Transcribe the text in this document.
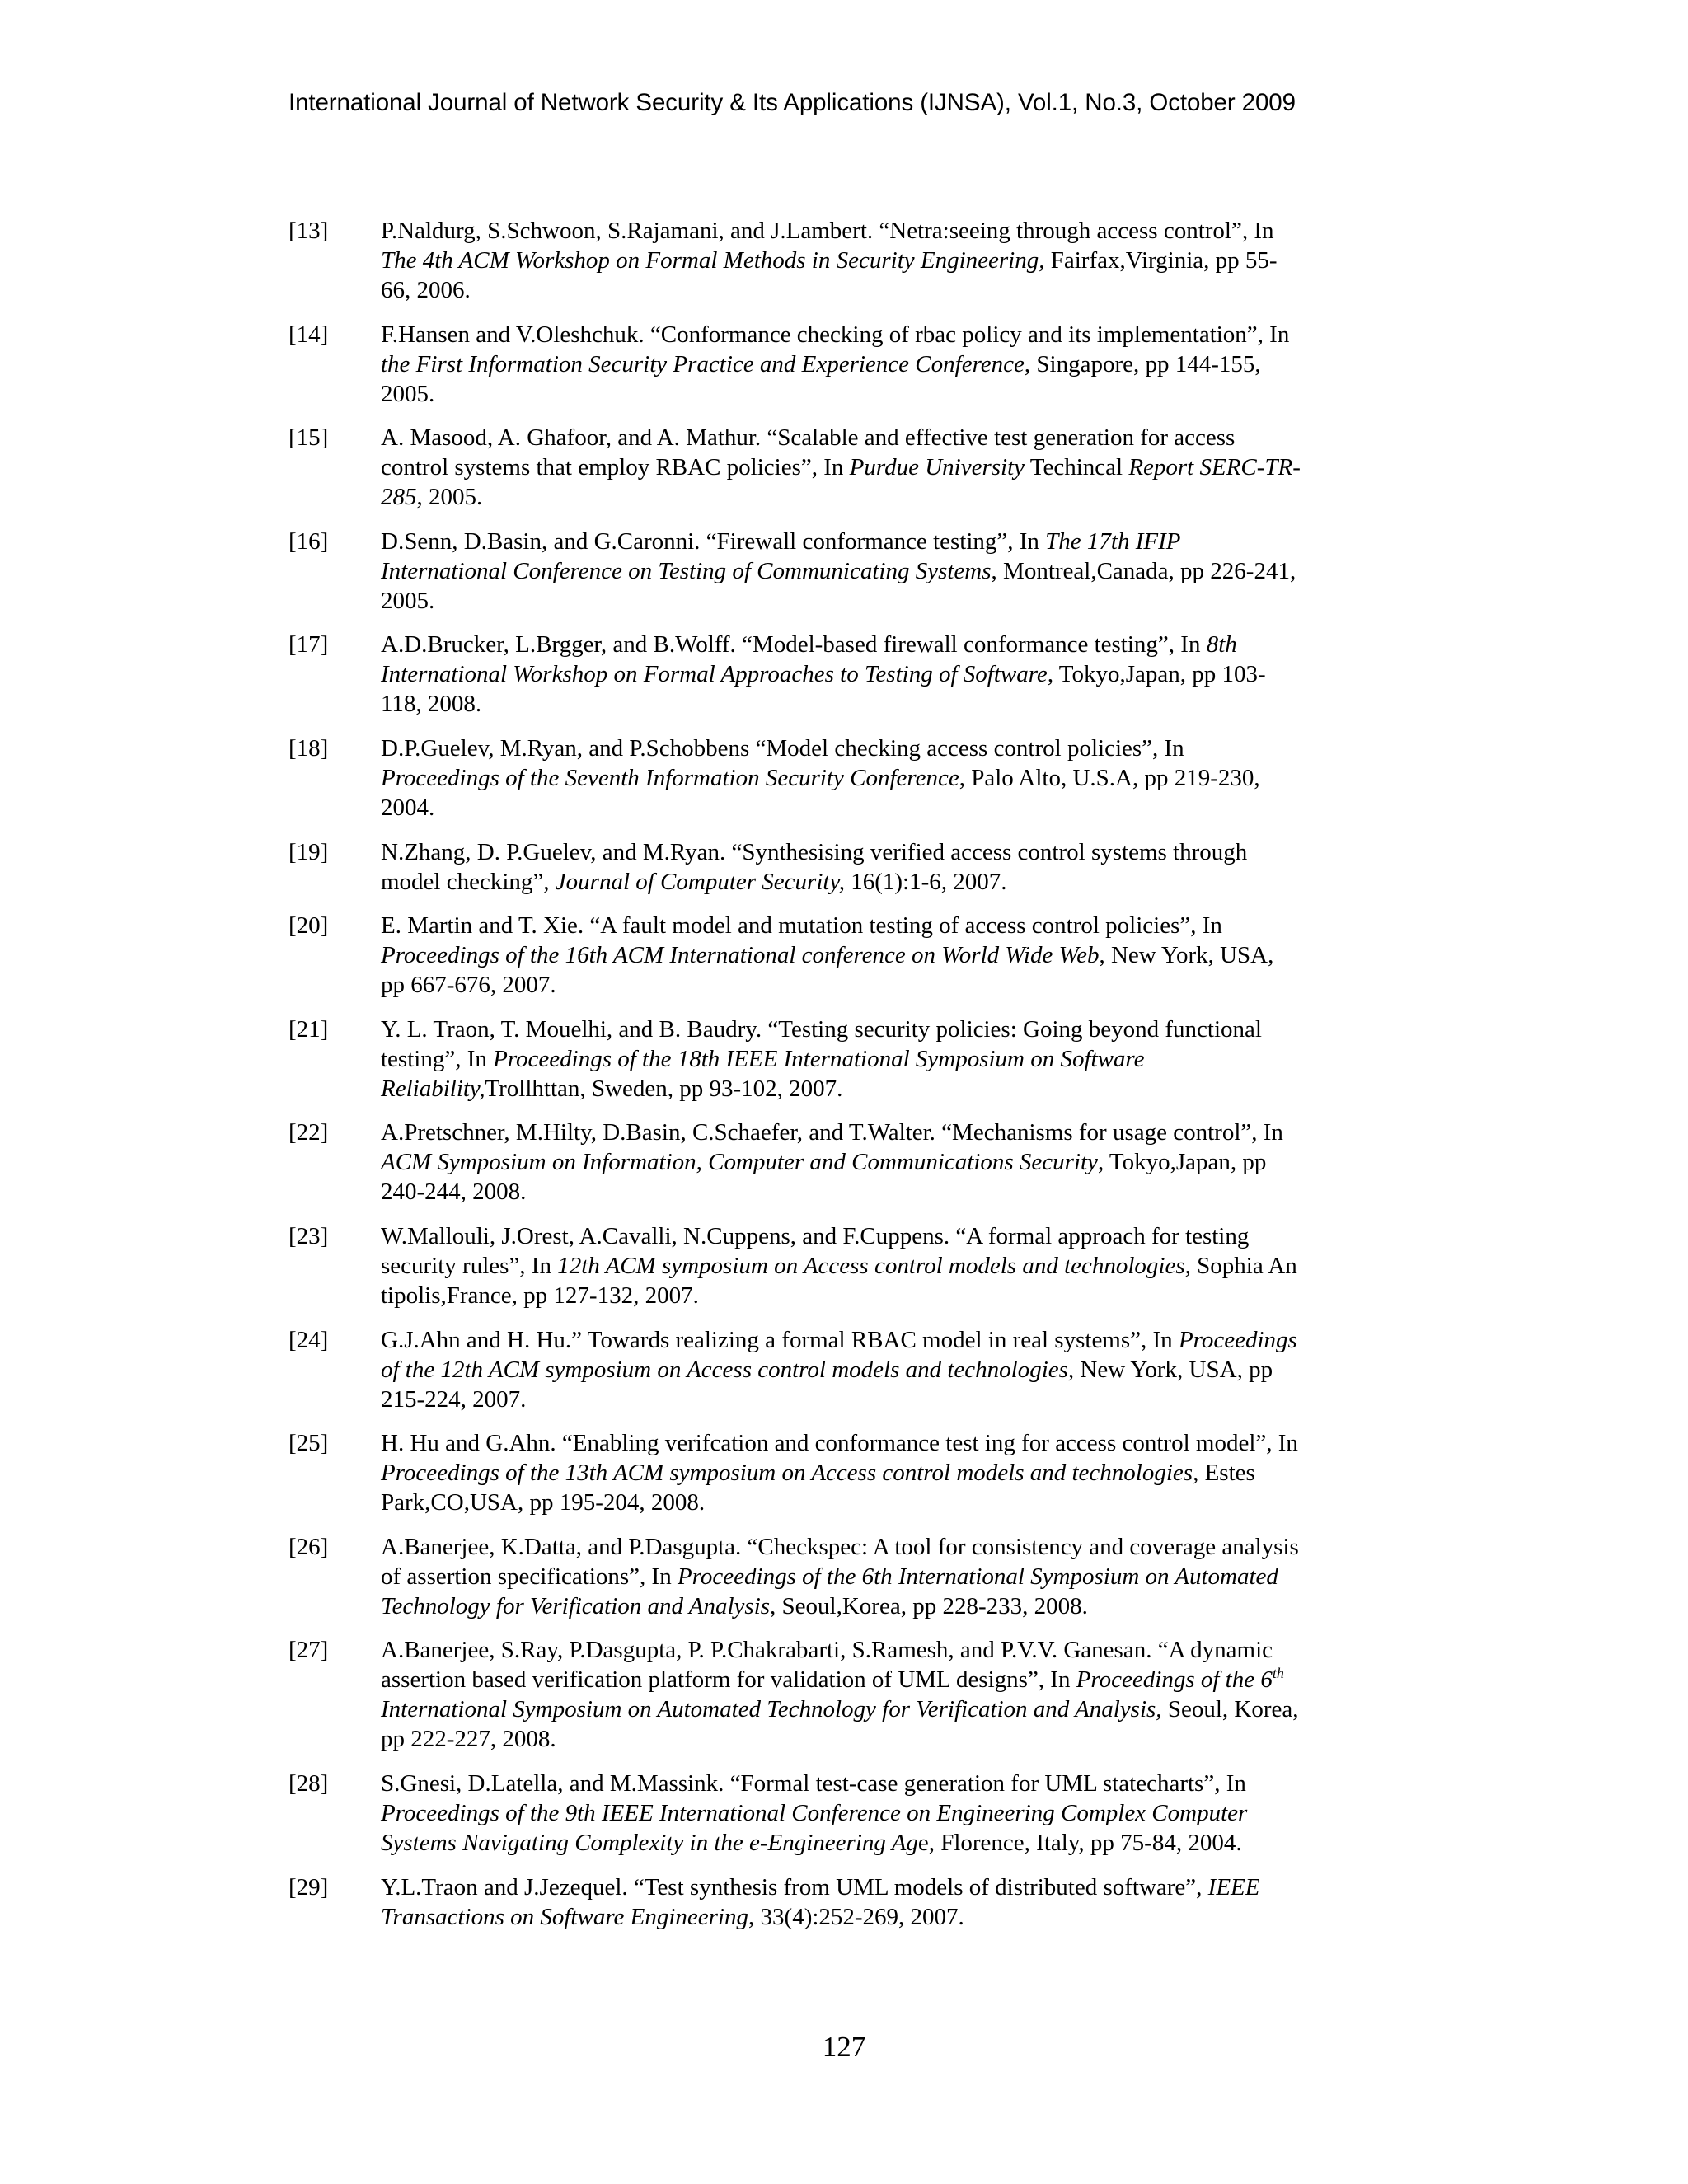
International Journal of Network Security & Its Applications (IJNSA), Vol.1, No.3, October 2009
[13]	P.Naldurg, S.Schwoon, S.Rajamani, and J.Lambert. “Netra:seeing through access control”, In
The 4th ACM Workshop on Formal Methods in Security Engineering, Fairfax,Virginia, pp 55-
66, 2006.
[14]	F.Hansen and V.Oleshchuk. “Conformance checking of rbac policy and its implementation”, In
the First Information Security Practice and Experience Conference, Singapore, pp 144-155,
2005.
[15]	A. Masood, A. Ghafoor, and A. Mathur. “Scalable and effective test generation for access
control systems that employ RBAC policies”, In Purdue University Techincal Report SERC-TR-
285, 2005.
[16]	D.Senn, D.Basin, and G.Caronni. “Firewall conformance testing”, In The 17th IFIP
International Conference on Testing of Communicating Systems, Montreal,Canada, pp 226-241,
2005.
[17]	A.D.Brucker, L.Brgger, and B.Wolff. “Model-based firewall conformance testing”, In 8th
International Workshop on Formal Approaches to Testing of Software, Tokyo,Japan, pp 103-
118, 2008.
[18]	D.P.Guelev, M.Ryan, and P.Schobbens “Model checking access control policies”, In
Proceedings of the Seventh Information Security Conference, Palo Alto, U.S.A, pp 219-230,
2004.
[19]	N.Zhang, D. P.Guelev, and M.Ryan. “Synthesising verified access control systems through
model checking”, Journal of Computer Security, 16(1):1-6, 2007.
[20]	E. Martin and T. Xie. “A fault model and mutation testing of access control policies”, In
Proceedings of the 16th ACM International conference on World Wide Web, New York, USA,
pp 667-676, 2007.
[21]	Y. L. Traon, T. Mouelhi, and B. Baudry. “Testing security policies: Going beyond functional
testing”, In Proceedings of the 18th IEEE International Symposium on Software
Reliability,Trollhttan, Sweden, pp 93-102, 2007.
[22]	A.Pretschner, M.Hilty, D.Basin, C.Schaefer, and T.Walter. “Mechanisms for usage control”, In
ACM Symposium on Information, Computer and Communications Security, Tokyo,Japan, pp
240-244, 2008.
[23]	W.Mallouli, J.Orest, A.Cavalli, N.Cuppens, and F.Cuppens. “A formal approach for testing
security rules”, In 12th ACM symposium on Access control models and technologies, Sophia An
tipolis,France, pp 127-132, 2007.
[24]	G.J.Ahn and H. Hu.” Towards realizing a formal RBAC model in real systems”, In Proceedings
of the 12th ACM symposium on Access control models and technologies, New York, USA, pp
215-224, 2007.
[25]	H. Hu and G.Ahn. “Enabling verifcation and conformance test ing for access control model”, In
Proceedings of the 13th ACM symposium on Access control models and technologies, Estes
Park,CO,USA, pp 195-204, 2008.
[26]	A.Banerjee, K.Datta, and P.Dasgupta. “Checkspec: A tool for consistency and coverage analysis
of assertion specifications”, In Proceedings of the 6th International Symposium on Automated
Technology for Verification and Analysis, Seoul,Korea, pp 228-233, 2008.
[27]	A.Banerjee, S.Ray, P.Dasgupta, P. P.Chakrabarti, S.Ramesh, and P.V.V. Ganesan. “A dynamic
assertion based verification platform for validation of UML designs”, In Proceedings of the 6th
International Symposium on Automated Technology for Verification and Analysis, Seoul, Korea,
pp 222-227, 2008.
[28]	S.Gnesi, D.Latella, and M.Massink. “Formal test-case generation for UML statecharts”, In
Proceedings of the 9th IEEE International Conference on Engineering Complex Computer
Systems Navigating Complexity in the e-Engineering Age, Florence, Italy, pp 75-84, 2004.
[29]	Y.L.Traon and J.Jezequel. “Test synthesis from UML models of distributed software”, IEEE
Transactions on Software Engineering, 33(4):252-269, 2007.
127
